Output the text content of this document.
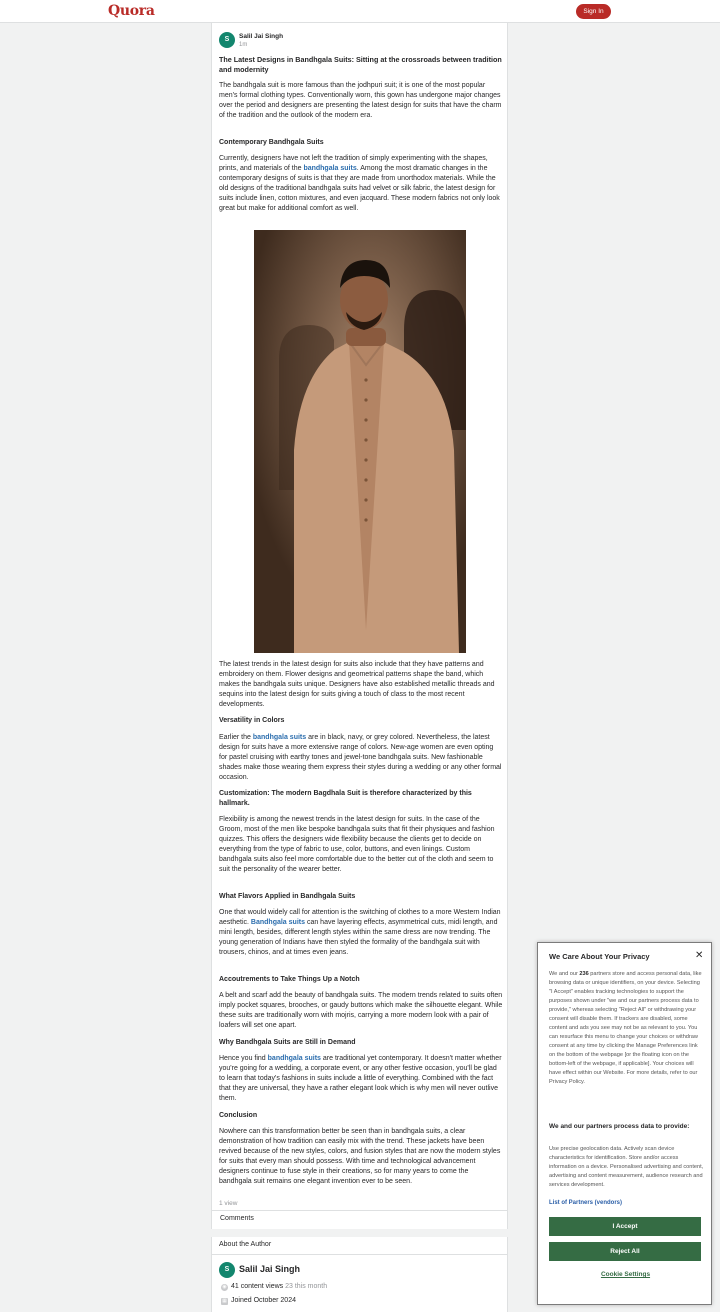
Quora	Sign In
S	Salil Jai Singh
1m
The Latest Designs in Bandhgala Suits: Sitting at the crossroads between tradition and modernity
The bandhgala suit is more famous than the jodhpuri suit; it is one of the most popular men's formal clothing types. Conventionally worn, this gown has undergone major changes over the period and designers are presenting the latest design for suits that have the charm of the tradition and the outlook of the modern era.
Contemporary Bandhgala Suits
Currently, designers have not left the tradition of simply experimenting with the shapes, prints, and materials of the bandhgala suits. Among the most dramatic changes in the contemporary designs of suits is that they are made from unorthodox materials. While the old designs of the traditional bandhgala suits had velvet or silk fabric, the latest design for suits include linen, cotton mixtures, and even jacquard. These modern fabrics not only look great but make for additional comfort as well.
The latest trends in the latest design for suits also include that they have patterns and embroidery on them. Flower designs and geometrical patterns shape the band, which makes the bandhgala suits unique. Designers have also established metallic threads and sequins into the latest design for suits giving a touch of class to the most recent developments.
Versatility in Colors
Earlier the bandhgala suits are in black, navy, or grey colored. Nevertheless, the latest design for suits have a more extensive range of colors. New-age women are even opting for pastel cruising with earthy tones and jewel-tone bandhgala suits. New fashionable shades make those wearing them express their styles during a wedding or any other formal occasion.
Customization: The modern Bagdhala Suit is therefore characterized by this hallmark.
Flexibility is among the newest trends in the latest design for suits. In the case of the Groom, most of the men like bespoke bandhgala suits that fit their physiques and fashion quizzes. This offers the designers wide flexibility because the clients get to decide on everything from the type of fabric to use, color, buttons, and even linings. Custom bandhgala suits also feel more comfortable due to the better cut of the cloth and seem to suit the personality of the wearer better.
What Flavors Applied in Bandhgala Suits
One that would widely call for attention is the switching of clothes to a more Western Indian aesthetic. Bandhgala suits can have layering effects, asymmetrical cuts, midi length, and mini length, besides, different length styles within the same dress are now trending. The young generation of Indians have then styled the formality of the bandhgala suit with trousers, chinos, and at times even jeans.
Accoutrements to Take Things Up a Notch
A belt and scarf add the beauty of bandhgala suits. The modern trends related to suits often imply pocket squares, brooches, or gaudy buttons which make the silhouette elegant. While these suits are traditionally worn with mojris, carrying a more modern look with a pair of loafers will set one apart.
Why Bandhgala Suits are Still in Demand
Hence you find bandhgala suits are traditional yet contemporary. It doesn't matter whether you're going for a wedding, a corporate event, or any other festive occasion, you'll be glad to learn that today's fashions in suits include a little of everything. Combined with the fact that they are universal, they have a rather elegant look which is why men will never outlive them.
Conclusion
Nowhere can this transformation better be seen than in bandhgala suits, a clear demonstration of how tradition can easily mix with the trend. These jackets have been revived because of the new styles, colors, and fusion styles that are now the modern styles for suits that every man should possess. With time and technological advancement designers continue to fuse style in their creations, so for many years to come the bandhgala suit remains one elegant invention ever to be seen.
1 view
Comments
About the Author
S	Salil Jai Singh
◉ 41 content views 23 this month
▦ Joined October 2024
We Care About Your Privacy	✕
We and our 236 partners store and access personal data, like browsing data or unique identifiers, on your device. Selecting "I Accept" enables tracking technologies to support the purposes shown under "we and our partners process data to provide," whereas selecting "Reject All" or withdrawing your consent will disable them. If trackers are disabled, some content and ads you see may not be as relevant to you. You can resurface this menu to change your choices or withdraw consent at any time by clicking the Manage Preferences link on the bottom of the webpage [or the floating icon on the bottom-left of the webpage, if applicable]. Your choices will have effect within our Website. For more details, refer to our Privacy Policy.
We and our partners process data to provide:
Use precise geolocation data. Actively scan device characteristics for identification. Store and/or access information on a device. Personalised advertising and content, advertising and content measurement, audience research and services development.
List of Partners (vendors)
I Accept
Reject All
Cookie Settings
